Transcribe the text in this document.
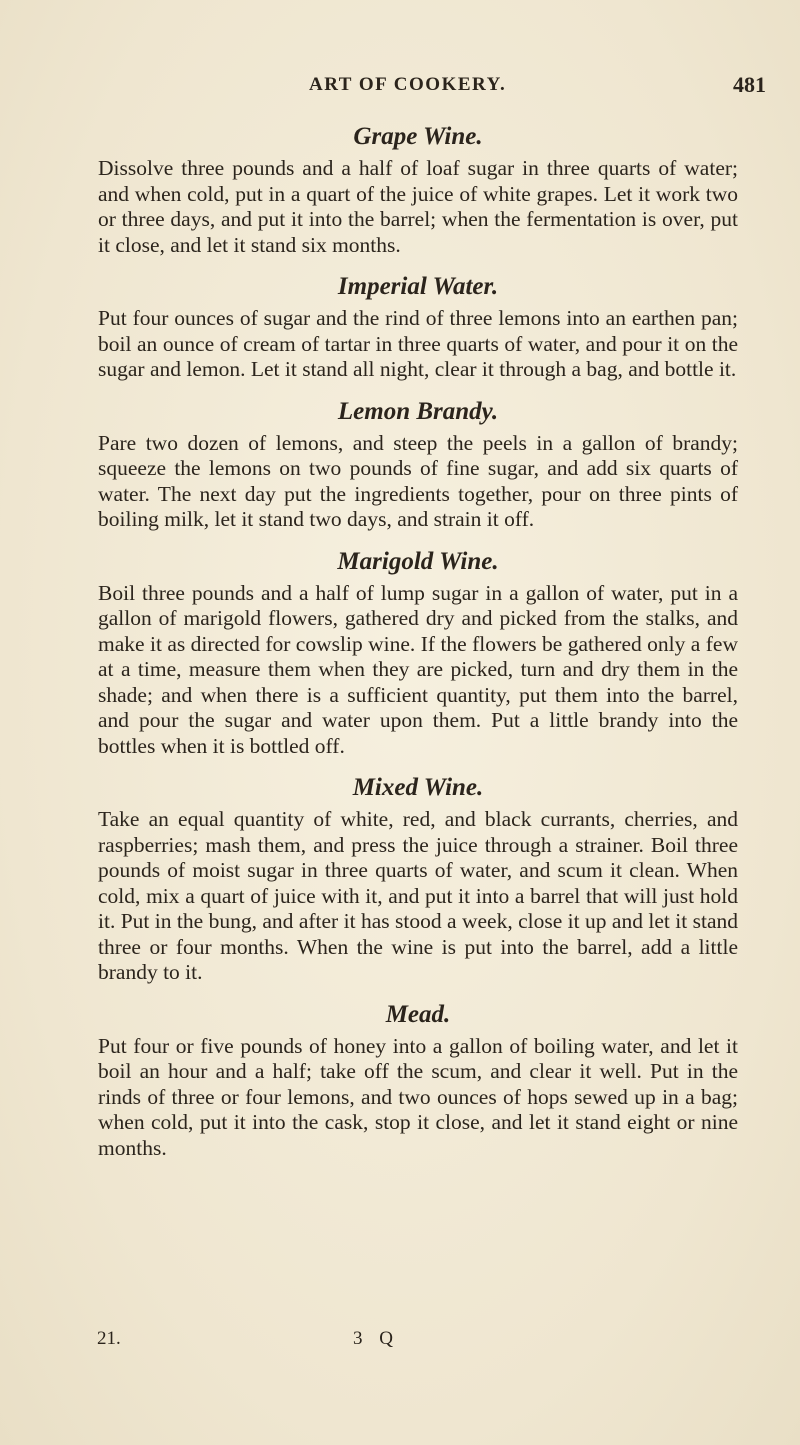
ART OF COOKERY.	481

Grape Wine.

Dissolve three pounds and a half of loaf sugar in three quarts of water; and when cold, put in a quart of the juice of white grapes. Let it work two or three days, and put it into the barrel; when the fermentation is over, put it close, and let it stand six months.

Imperial Water.

Put four ounces of sugar and the rind of three lemons into an earthen pan; boil an ounce of cream of tartar in three quarts of water, and pour it on the sugar and lemon. Let it stand all night, clear it through a bag, and bottle it.

Lemon Brandy.

Pare two dozen of lemons, and steep the peels in a gallon of brandy; squeeze the lemons on two pounds of fine sugar, and add six quarts of water. The next day put the ingredients together, pour on three pints of boiling milk, let it stand two days, and strain it off.

Marigold Wine.

Boil three pounds and a half of lump sugar in a gallon of water, put in a gallon of marigold flowers, gathered dry and picked from the stalks, and make it as directed for cowslip wine. If the flowers be gathered only a few at a time, measure them when they are picked, turn and dry them in the shade; and when there is a sufficient quantity, put them into the barrel, and pour the sugar and water upon them. Put a little brandy into the bottles when it is bottled off.

Mixed Wine.

Take an equal quantity of white, red, and black currants, cherries, and raspberries; mash them, and press the juice through a strainer. Boil three pounds of moist sugar in three quarts of water, and scum it clean. When cold, mix a quart of juice with it, and put it into a barrel that will just hold it. Put in the bung, and after it has stood a week, close it up and let it stand three or four months. When the wine is put into the barrel, add a little brandy to it.

Mead.

Put four or five pounds of honey into a gallon of boiling water, and let it boil an hour and a half; take off the scum, and clear it well. Put in the rinds of three or four lemons, and two ounces of hops sewed up in a bag; when cold, put it into the cask, stop it close, and let it stand eight or nine months.

21.	3 Q
